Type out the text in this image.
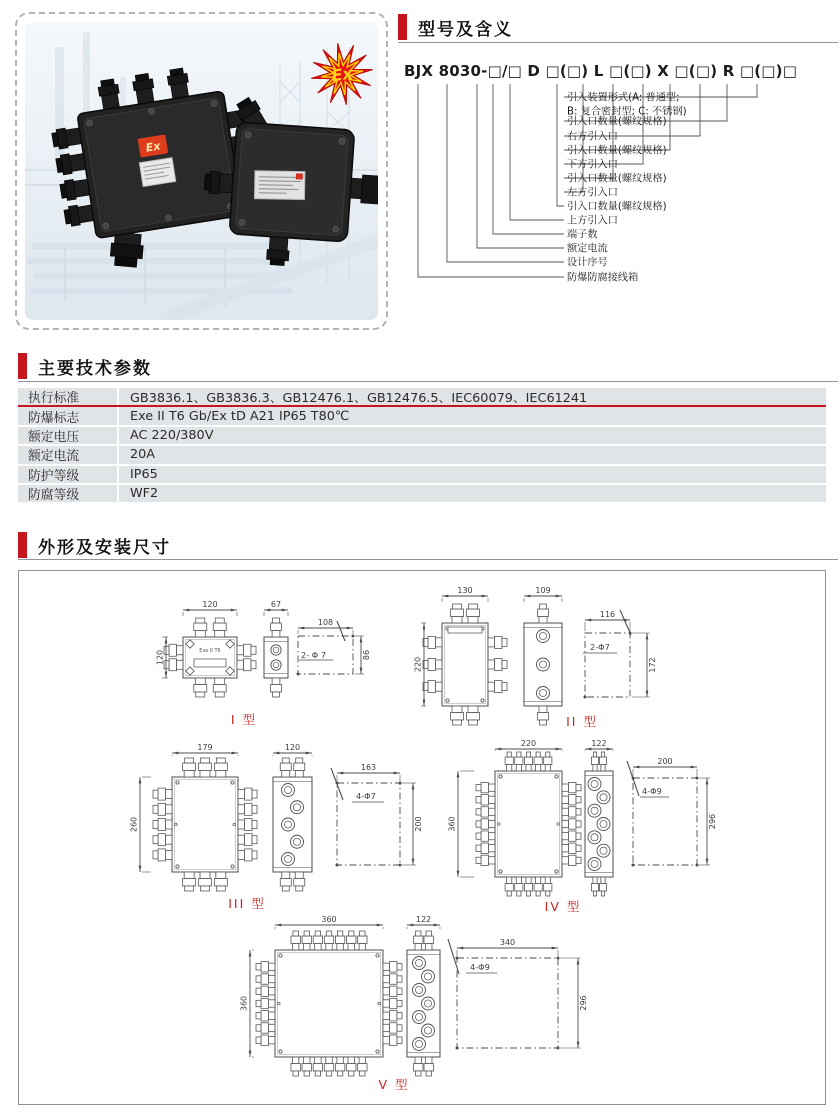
Ex
Ex
型号及含义
BJX 8030-□/□ D □(□) L □(□) X □(□) R □(□)□
引入装置形式(A: 普通型;
引入口数量(螺纹规格)
右方引入口
引入口数量(螺纹规格)
下方引入口
引入口数量(螺纹规格)
左方引入口
引入口数量(螺纹规格)
上方引入口
端子数
额定电流
设计序号
防爆防腐接线箱
B: 复合密封型; C: 不锈钢)
主要技术参数
执行标准	GB3836.1、GB3836.3、GB12476.1、GB12476.5、IEC60079、IEC61241
防爆标志	Exe II T6 Gb/Ex tD A21 IP65 T80℃
额定电压	AC 220/380V
额定电流	20A
防护等级	IP65
防腐等级	WF2
外形及安装尺寸
Exe II T6
120
120
67
108
86
2- Φ 7
I 型
130
220
109
116
172
2-Φ7
II 型
179
260
120
163
200
4-Φ7
III 型
220
360
122
200
296
4-Φ9
IV 型
360
360
122
340
296
4-Φ9
V 型
